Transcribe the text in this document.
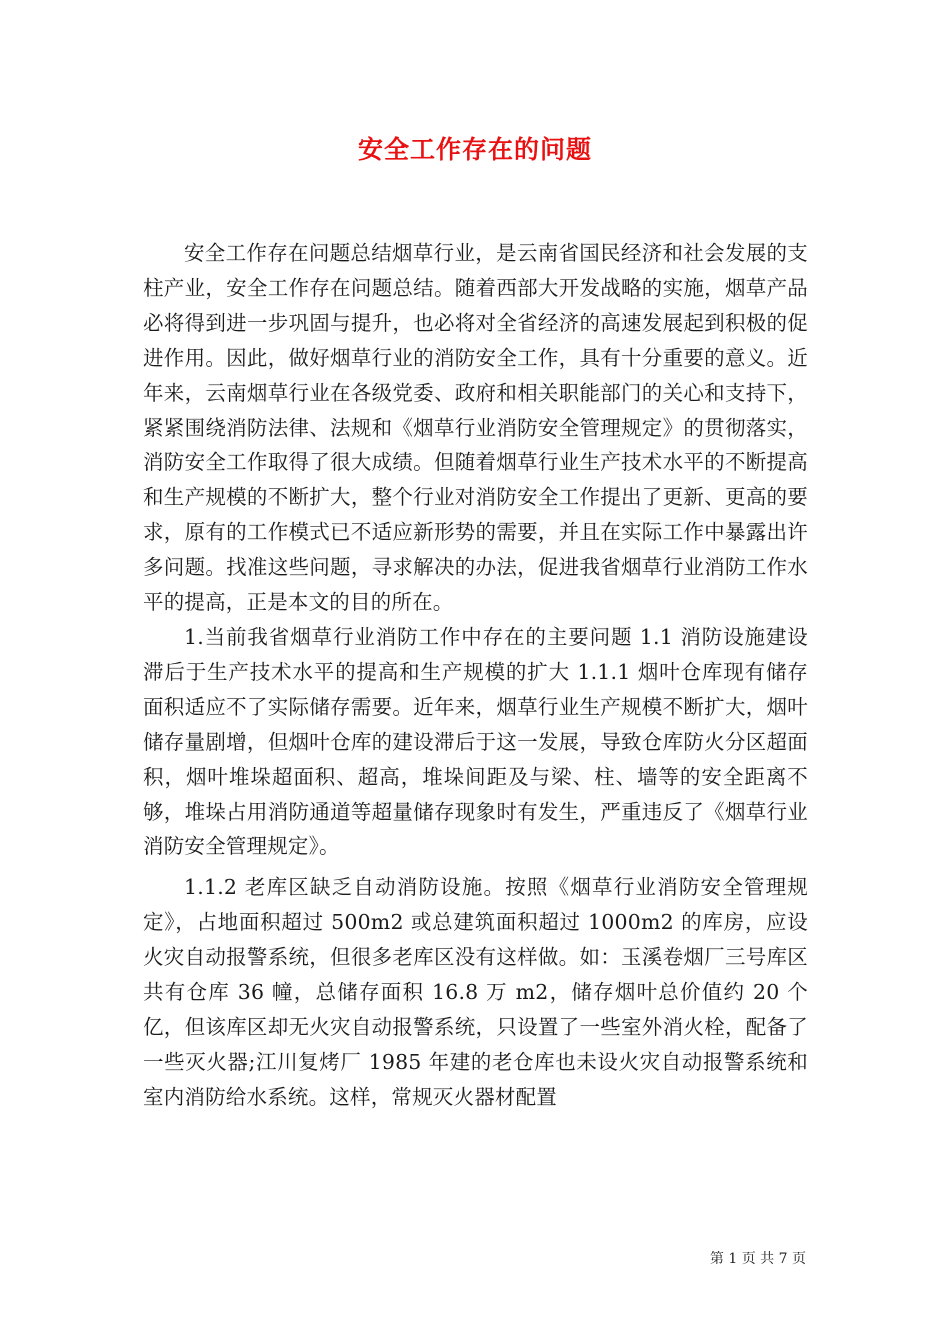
安全工作存在的问题

安全工作存在问题总结烟草行业，是云南省国民经济和社会发展的支柱产业，安全工作存在问题总结。随着西部大开发战略的实施，烟草产品必将得到进一步巩固与提升，也必将对全省经济的高速发展起到积极的促进作用。因此，做好烟草行业的消防安全工作，具有十分重要的意义。近年来，云南烟草行业在各级党委、政府和相关职能部门的关心和支持下，紧紧围绕消防法律、法规和《烟草行业消防安全管理规定》的贯彻落实，消防安全工作取得了很大成绩。但随着烟草行业生产技术水平的不断提高和生产规模的不断扩大，整个行业对消防安全工作提出了更新、更高的要求，原有的工作模式已不适应新形势的需要，并且在实际工作中暴露出许多问题。找准这些问题，寻求解决的办法，促进我省烟草行业消防工作水平的提高，正是本文的目的所在。

1.当前我省烟草行业消防工作中存在的主要问题 1.1 消防设施建设滞后于生产技术水平的提高和生产规模的扩大 1.1.1 烟叶仓库现有储存面积适应不了实际储存需要。近年来，烟草行业生产规模不断扩大，烟叶储存量剧增，但烟叶仓库的建设滞后于这一发展，导致仓库防火分区超面积，烟叶堆垛超面积、超高，堆垛间距及与梁、柱、墙等的安全距离不够，堆垛占用消防通道等超量储存现象时有发生，严重违反了《烟草行业消防安全管理规定》。

1.1.2 老库区缺乏自动消防设施。按照《烟草行业消防安全管理规定》，占地面积超过 500m2 或总建筑面积超过 1000m2 的库房，应设火灾自动报警系统，但很多老库区没有这样做。如：玉溪卷烟厂三号库区共有仓库 36 幢，总储存面积 16.8 万 m2，储存烟叶总价值约 20 个亿，但该库区却无火灾自动报警系统，只设置了一些室外消火栓，配备了一些灭火器;江川复烤厂 1985 年建的老仓库也未设火灾自动报警系统和室内消防给水系统。这样，常规灭火器材配置

第 1 页 共 7 页
